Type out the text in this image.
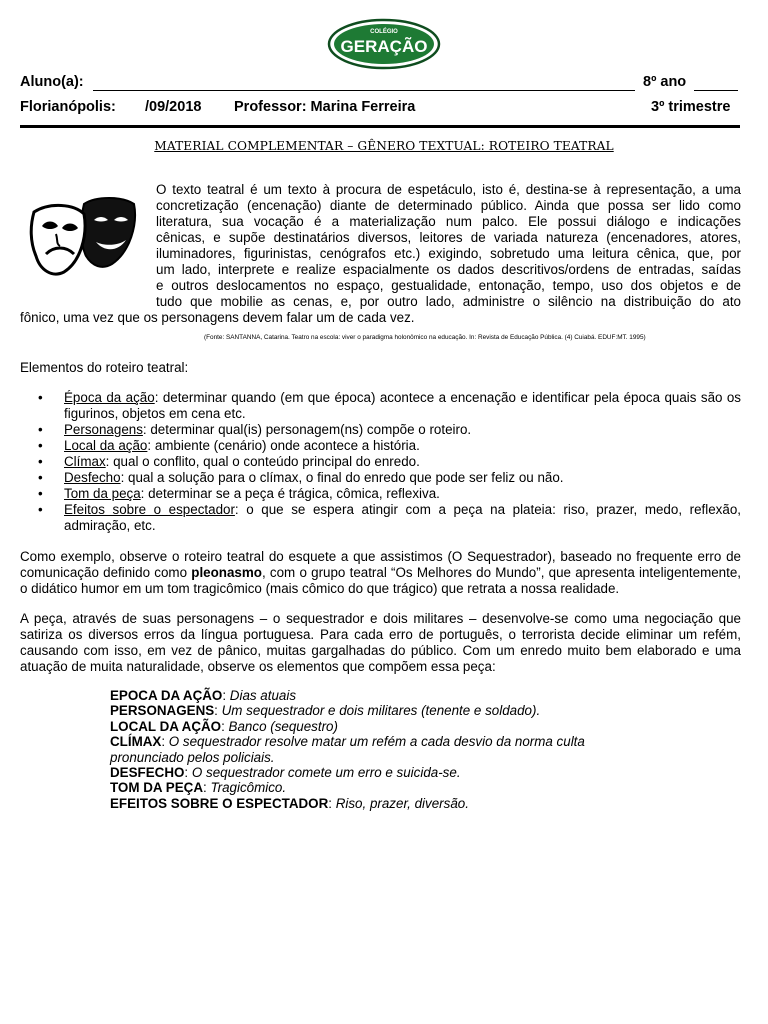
COLÉGIO
GERAÇÃO
Aluno(a):	8º ano
Florianópolis: /09/2018 Professor: Marina Ferreira	3º trimestre
MATERIAL COMPLEMENTAR – GÊNERO TEXTUAL: ROTEIRO TEATRAL
O texto teatral é um texto à procura de espetáculo, isto é, destina-se à representação, a uma
concretização (encenação) diante de determinado público. Ainda que possa ser lido como
literatura, sua vocação é a materialização num palco. Ele possui diálogo e indicações
cênicas, e supõe destinatários diversos, leitores de variada natureza (encenadores, atores,
iluminadores, figurinistas, cenógrafos etc.) exigindo, sobretudo uma leitura cênica, que, por
um lado, interprete e realize espacialmente os dados descritivos/ordens de entradas, saídas
e outros deslocamentos no espaço, gestualidade, entonação, tempo, uso dos objetos e de
tudo que mobilie as cenas, e, por outro lado, administre o silêncio na distribuição do ato
fônico, uma vez que os personagens devem falar um de cada vez.
(Fonte: SANTANNA, Catarina. Teatro na escola: viver o paradigma holonômico na educação. In: Revista de Educação Pública. (4) Cuiabá. EDUF:MT. 1995)
Elementos do roteiro teatral:
• Época da ação: determinar quando (em que época) acontece a encenação e identificar pela época quais são os figurinos, objetos em cena etc.
• Personagens: determinar qual(is) personagem(ns) compõe o roteiro.
• Local da ação: ambiente (cenário) onde acontece a história.
• Clímax: qual o conflito, qual o conteúdo principal do enredo.
• Desfecho: qual a solução para o clímax, o final do enredo que pode ser feliz ou não.
• Tom da peça: determinar se a peça é trágica, cômica, reflexiva.
• Efeitos sobre o espectador: o que se espera atingir com a peça na plateia: riso, prazer, medo, reflexão, admiração, etc.
Como exemplo, observe o roteiro teatral do esquete a que assistimos (O Sequestrador), baseado no frequente erro de comunicação definido como pleonasmo, com o grupo teatral “Os Melhores do Mundo”, que apresenta inteligentemente, o didático humor em um tom tragicômico (mais cômico do que trágico) que retrata a nossa realidade.
A peça, através de suas personagens – o sequestrador e dois militares – desenvolve-se como uma negociação que satiriza os diversos erros da língua portuguesa. Para cada erro de português, o terrorista decide eliminar um refém, causando com isso, em vez de pânico, muitas gargalhadas do público. Com um enredo muito bem elaborado e uma atuação de muita naturalidade, observe os elementos que compõem essa peça:
EPOCA DA AÇÃO: Dias atuais
PERSONAGENS: Um sequestrador e dois militares (tenente e soldado).
LOCAL DA AÇÃO: Banco (sequestro)
CLÍMAX: O sequestrador resolve matar um refém a cada desvio da norma culta
pronunciado pelos policiais.
DESFECHO: O sequestrador comete um erro e suicida-se.
TOM DA PEÇA: Tragicômico.
EFEITOS SOBRE O ESPECTADOR: Riso, prazer, diversão.
